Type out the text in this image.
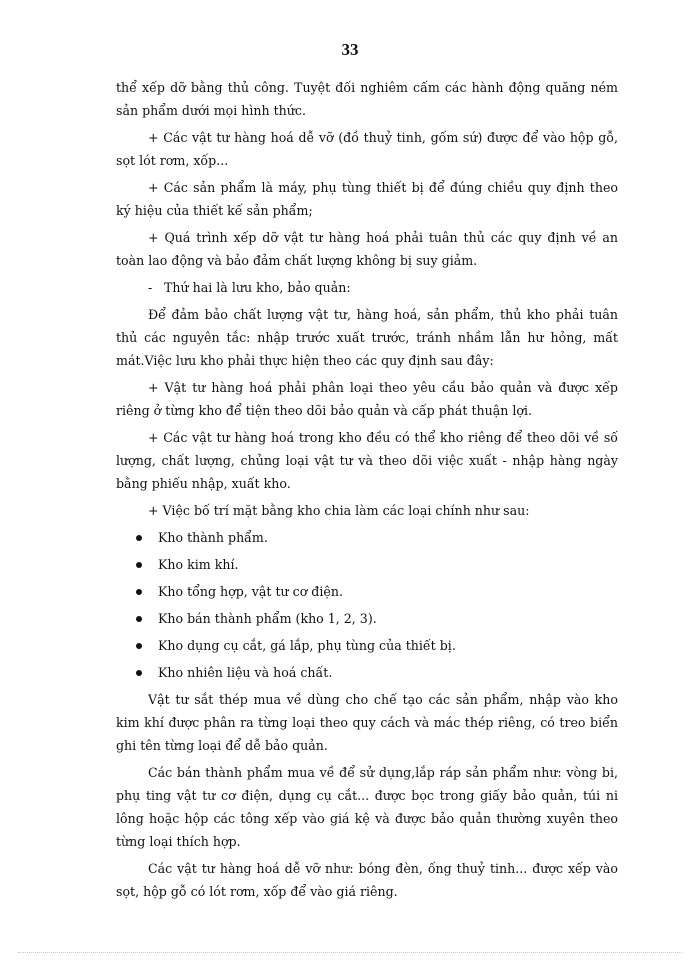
33

thể xếp dỡ bằng thủ công. Tuyệt đối nghiêm cấm các hành động quăng ném sản phẩm dưới mọi hình thức.

+ Các vật tư hàng hoá dễ vỡ (đồ thuỷ tinh, gốm sứ) được để vào hộp gỗ, sọt lót rơm, xốp...

+ Các sản phẩm là máy, phụ tùng thiết bị để đúng chiều quy định theo ký hiệu của thiết kế sản phẩm;

+ Quá trình xếp dỡ vật tư hàng hoá phải tuân thủ các quy định về an toàn lao động và bảo đảm chất lượng không bị suy giảm.

- Thứ hai là lưu kho, bảo quản:

Để đảm bảo chất lượng vật tư, hàng hoá, sản phẩm, thủ kho phải tuân thủ các nguyên tắc: nhập trước xuất trước, tránh nhầm lẫn hư hỏng, mất mát.Việc lưu kho phải thực hiện theo các quy định sau đây:

+ Vật tư hàng hoá phải phân loại theo yêu cầu bảo quản và được xếp riêng ở từng kho để tiện theo dõi bảo quản và cấp phát thuận lợi.

+ Các vật tư hàng hoá trong kho đều có thể kho riêng để theo dõi về số lượng, chất lượng, chủng loại vật tư và theo dõi việc xuất - nhập hàng ngày bằng phiếu nhập, xuất kho.

+ Việc bố trí mặt bằng kho chia làm các loại chính như sau:

Kho thành phẩm.
Kho kim khí.
Kho tổng hợp, vật tư cơ điện.
Kho bán thành phẩm (kho 1, 2, 3).
Kho dụng cụ cắt, gá lắp, phụ tùng của thiết bị.
Kho nhiên liệu và hoá chất.

Vật tư sắt thép mua về dùng cho chế tạo các sản phẩm, nhập vào kho kim khí được phân ra từng loại theo quy cách và mác thép riêng, có treo biển ghi tên từng loại để dễ bảo quản.

Các bán thành phẩm mua về để sử dụng,lắp ráp sản phẩm như: vòng bi, phụ ting vật tư cơ điện, dụng cụ cắt... được bọc trong giấy bảo quản, túi ni lông hoặc hộp các tông xếp vào giá kệ và được bảo quản thường xuyên theo từng loại thích hợp.

Các vật tư hàng hoá dễ vỡ như: bóng đèn, ống thuỷ tinh... được xếp vào sọt, hộp gỗ có lót rơm, xốp để vào giá riêng.
